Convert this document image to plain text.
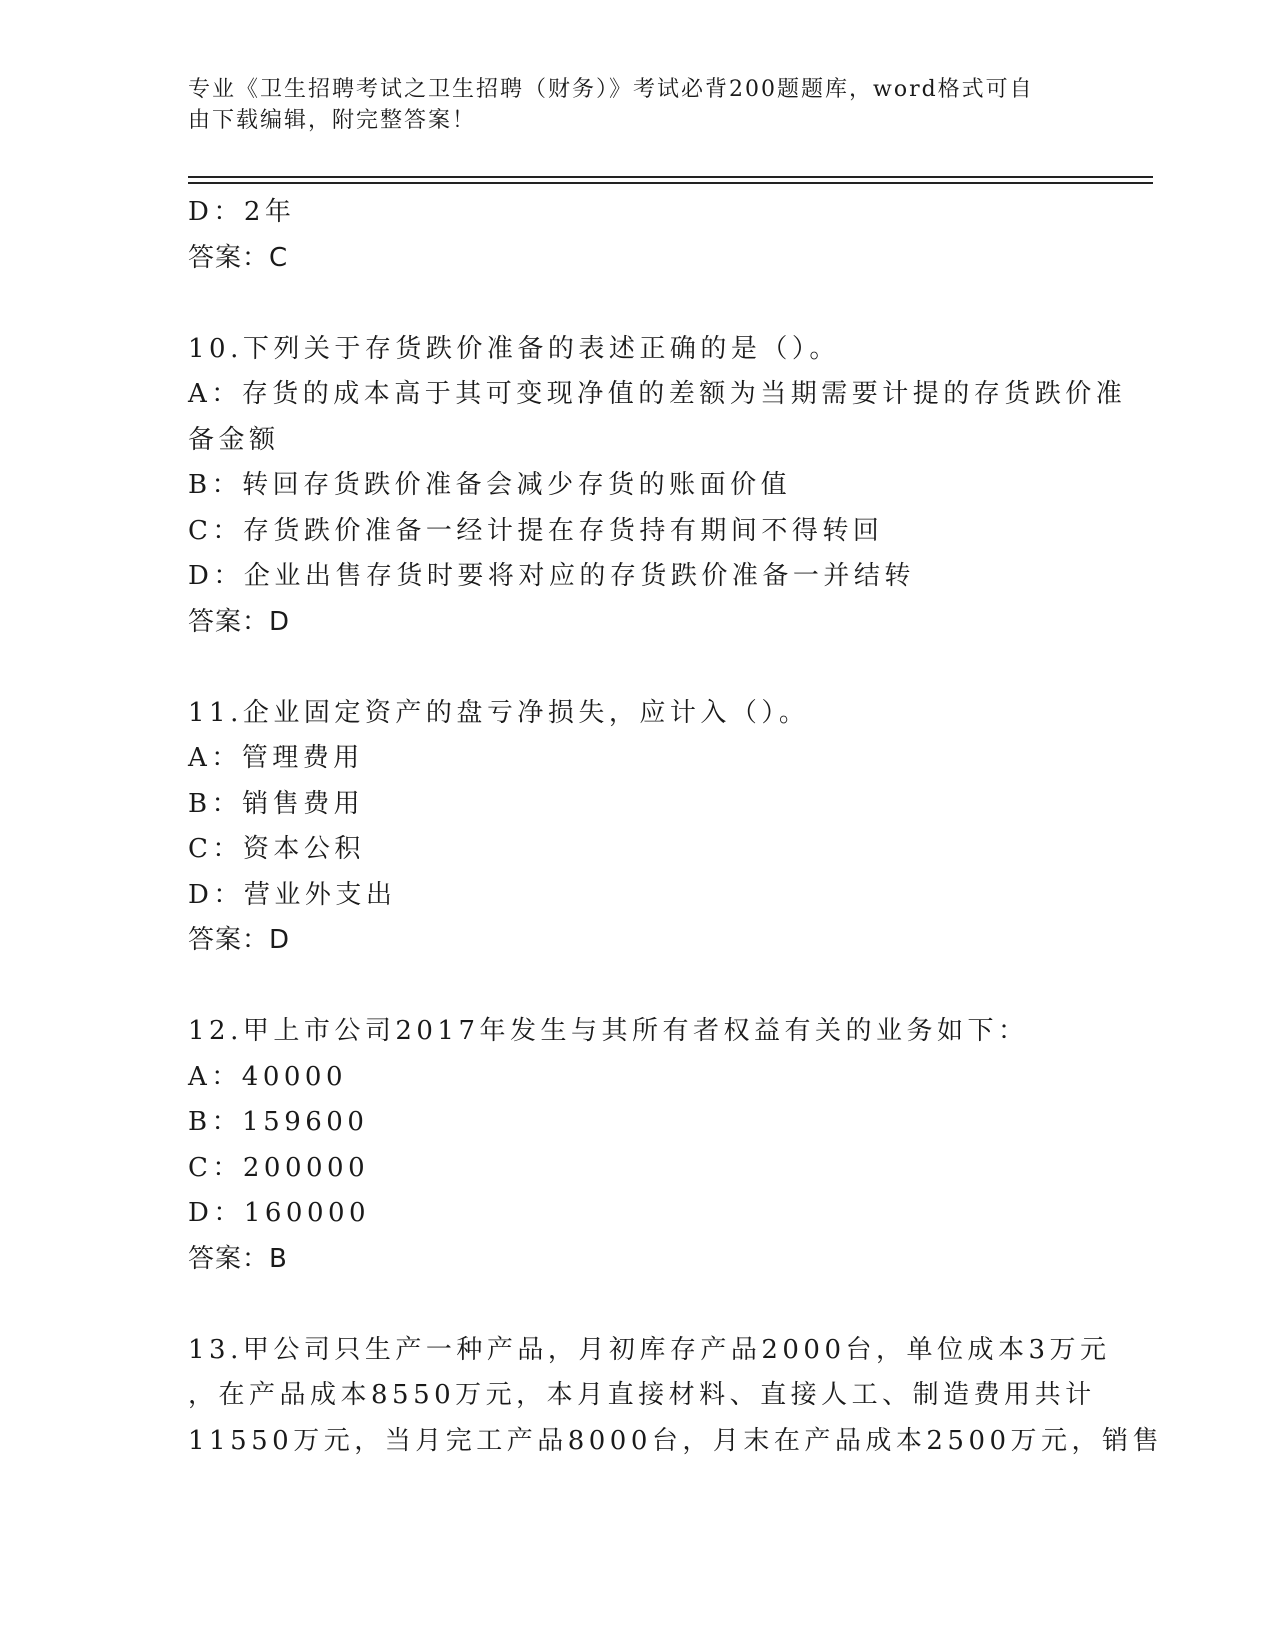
专业《卫生招聘考试之卫生招聘（财务）》考试必背200题题库，word格式可自
由下载编辑，附完整答案！
D：2年
答案：C
10.下列关于存货跌价准备的表述正确的是（）。
A：存货的成本高于其可变现净值的差额为当期需要计提的存货跌价准
备金额
B：转回存货跌价准备会减少存货的账面价值
C：存货跌价准备一经计提在存货持有期间不得转回
D：企业出售存货时要将对应的存货跌价准备一并结转
答案：D
11.企业固定资产的盘亏净损失，应计入（）。
A：管理费用
B：销售费用
C：资本公积
D：营业外支出
答案：D
12.甲上市公司2017年发生与其所有者权益有关的业务如下：
A：40000
B：159600
C：200000
D：160000
答案：B
13.甲公司只生产一种产品，月初库存产品2000台，单位成本3万元
，在产品成本8550万元，本月直接材料、直接人工、制造费用共计
11550万元，当月完工产品8000台，月末在产品成本2500万元，销售
